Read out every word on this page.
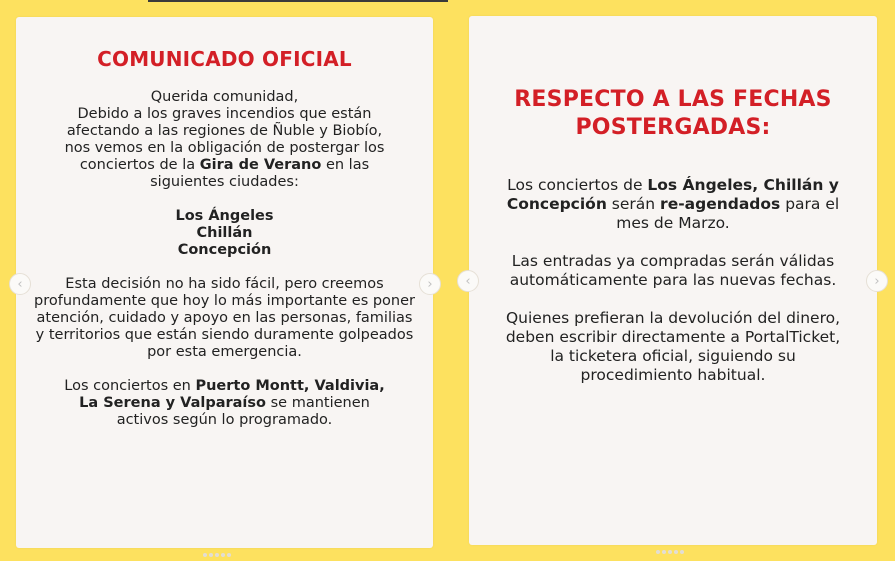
COMUNICADO OFICIAL

Querida comunidad,

Debido a los graves incendios que están afectando a las regiones de Ñuble y Biobío, nos vemos en la obligación de postergar los conciertos de la Gira de Verano en las siguientes ciudades:

Los Ángeles
Chillán
Concepción

Esta decisión no ha sido fácil, pero creemos profundamente que hoy lo más importante es poner atención, cuidado y apoyo en las personas, familias y territorios que están siendo duramente golpeados por esta emergencia.

Los conciertos en Puerto Montt, Valdivia, La Serena y Valparaíso se mantienen activos según lo programado.

RESPECTO A LAS FECHAS POSTERGADAS:

Los conciertos de Los Ángeles, Chillán y Concepción serán re-agendados para el mes de Marzo.

Las entradas ya compradas serán válidas automáticamente para las nuevas fechas.

Quienes prefieran la devolución del dinero, deben escribir directamente a PortalTicket, la ticketera oficial, siguiendo su procedimiento habitual.

‹	›	‹	›
